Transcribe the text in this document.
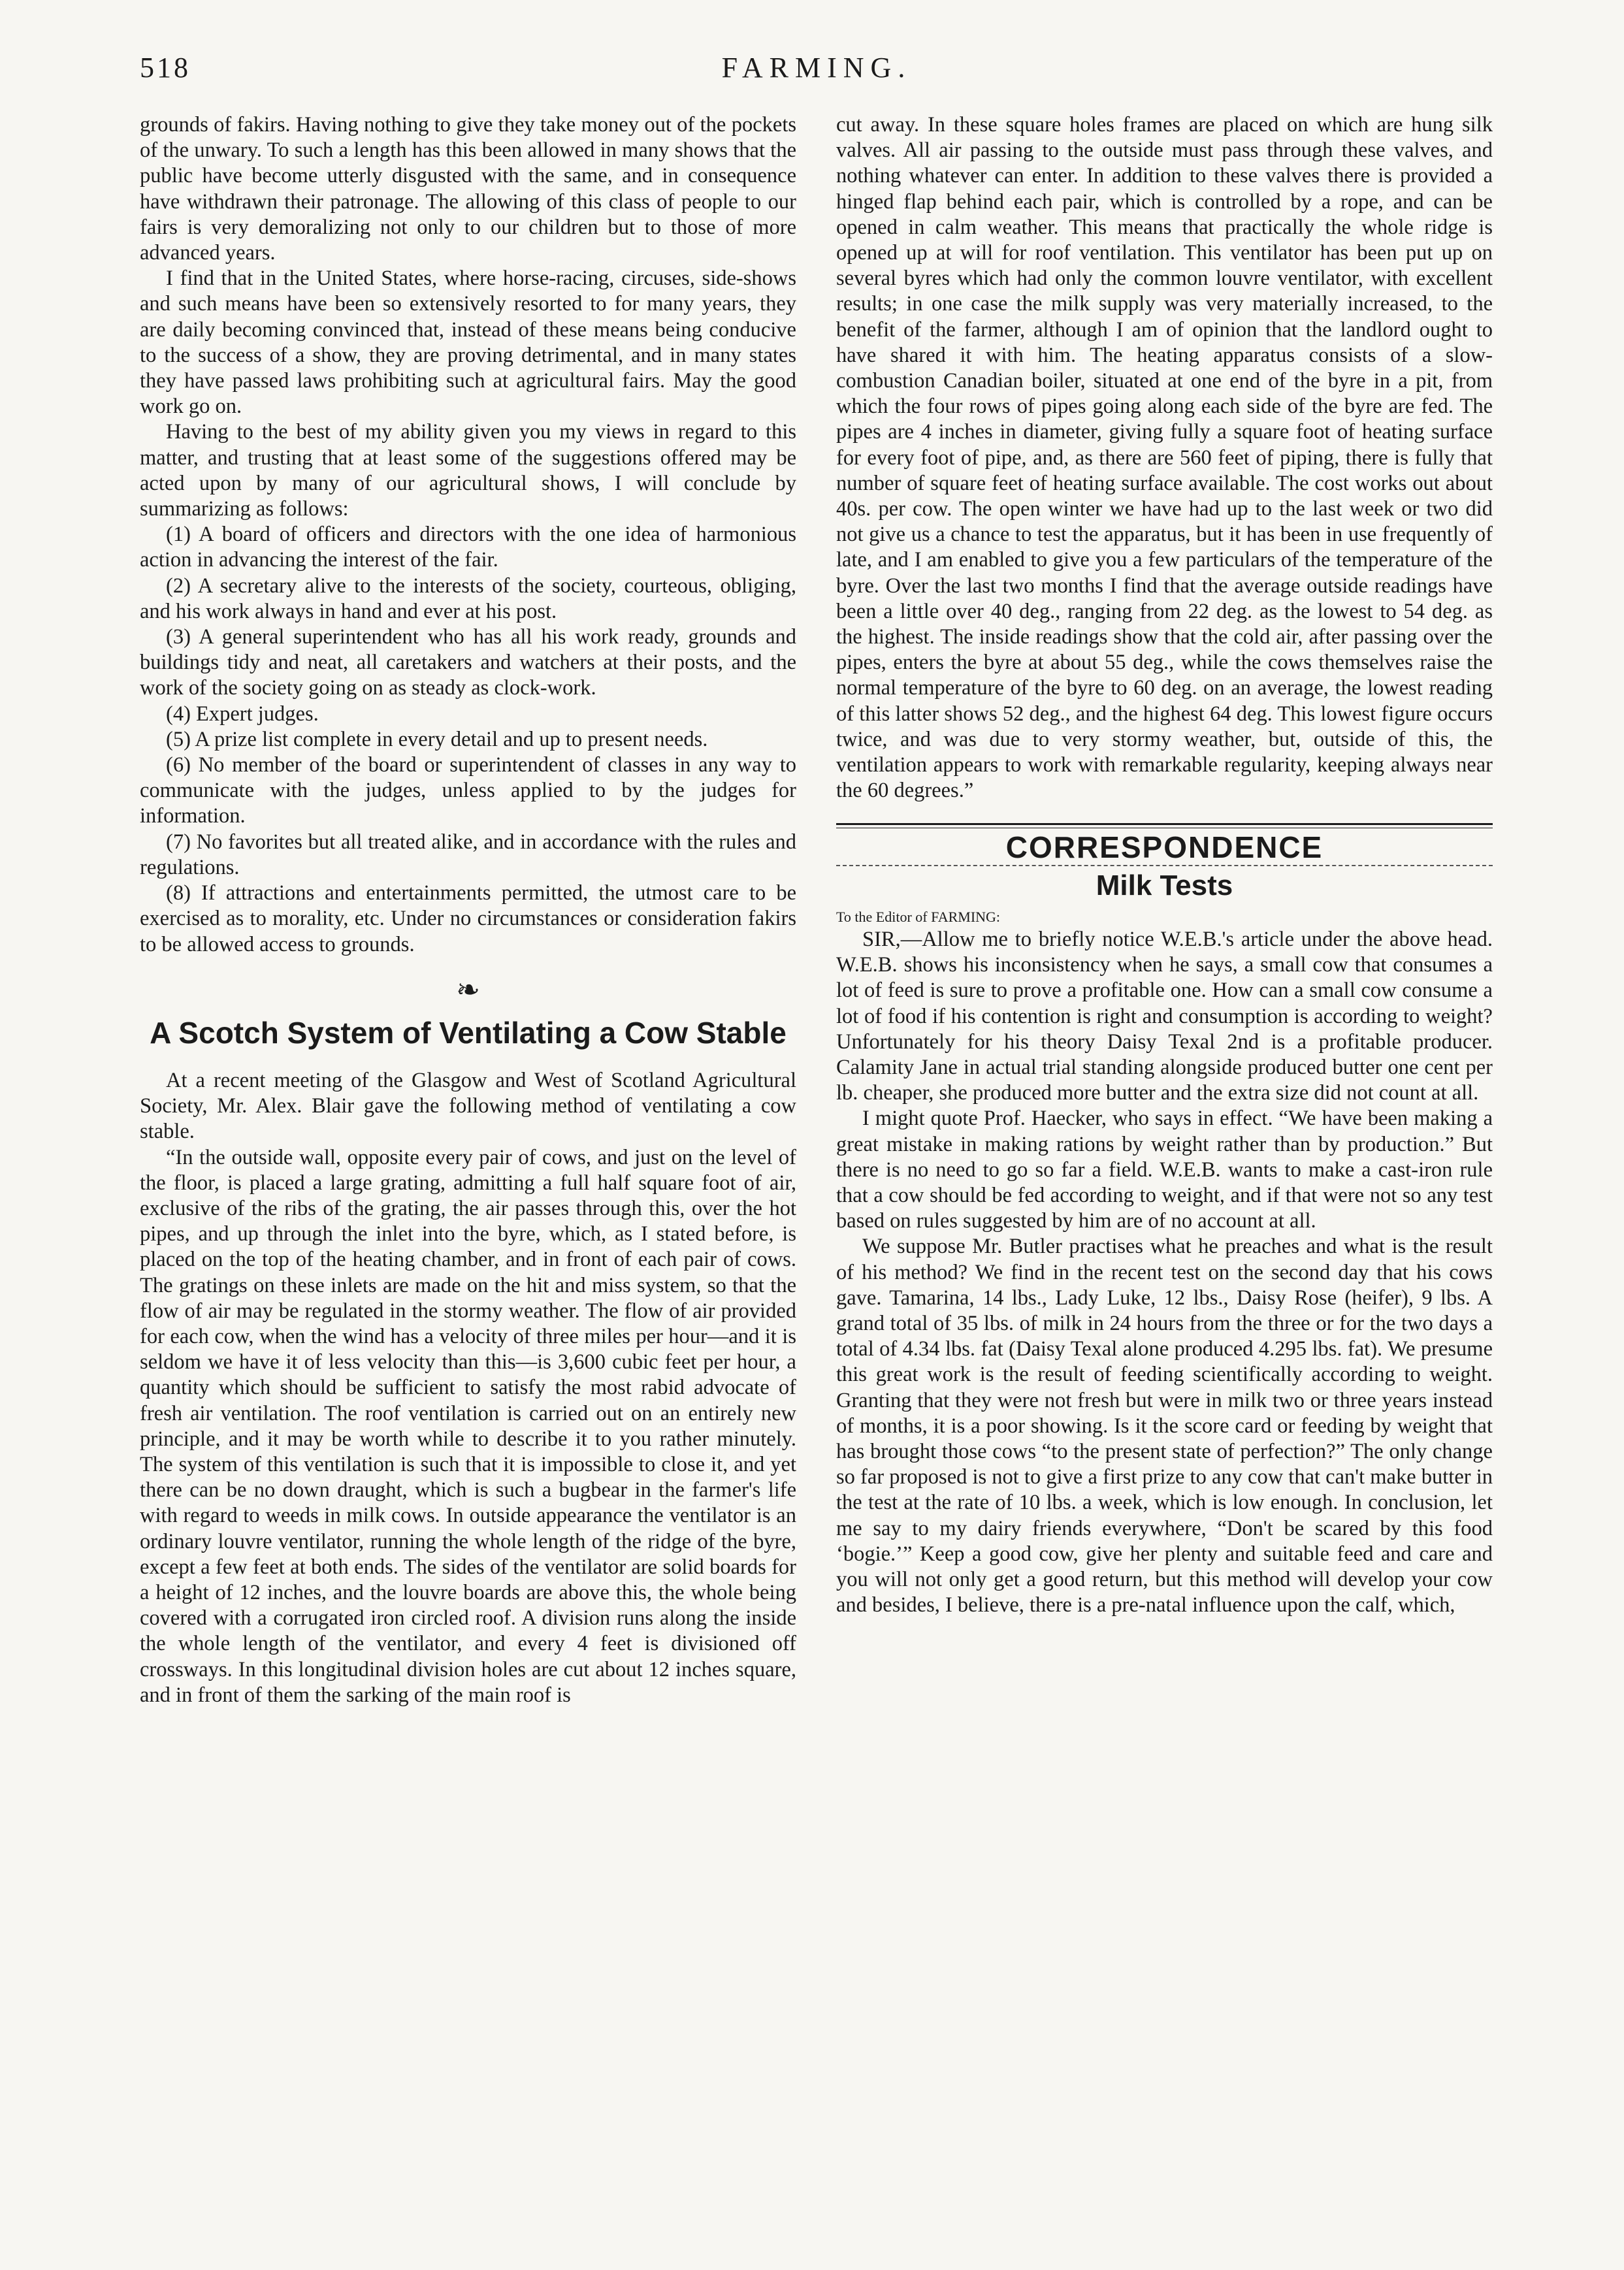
518	FARMING.

grounds of fakirs. Having nothing to give they take money out of the pockets of the unwary. To such a length has this been allowed in many shows that the public have become utterly disgusted with the same, and in consequence have withdrawn their patronage. The allowing of this class of people to our fairs is very demoralizing not only to our children but to those of more advanced years.

I find that in the United States, where horse-racing, circuses, side-shows and such means have been so extensively resorted to for many years, they are daily becoming convinced that, instead of these means being conducive to the success of a show, they are proving detrimental, and in many states they have passed laws prohibiting such at agricultural fairs. May the good work go on.

Having to the best of my ability given you my views in regard to this matter, and trusting that at least some of the suggestions offered may be acted upon by many of our agricultural shows, I will conclude by summarizing as follows:

(1) A board of officers and directors with the one idea of harmonious action in advancing the interest of the fair.

(2) A secretary alive to the interests of the society, courteous, obliging, and his work always in hand and ever at his post.

(3) A general superintendent who has all his work ready, grounds and buildings tidy and neat, all caretakers and watchers at their posts, and the work of the society going on as steady as clock-work.

(4) Expert judges.

(5) A prize list complete in every detail and up to present needs.

(6) No member of the board or superintendent of classes in any way to communicate with the judges, unless applied to by the judges for information.

(7) No favorites but all treated alike, and in accordance with the rules and regulations.

(8) If attractions and entertainments permitted, the utmost care to be exercised as to morality, etc. Under no circumstances or consideration fakirs to be allowed access to grounds.

❧
A Scotch System of Ventilating a Cow Stable

At a recent meeting of the Glasgow and West of Scotland Agricultural Society, Mr. Alex. Blair gave the following method of ventilating a cow stable.

“In the outside wall, opposite every pair of cows, and just on the level of the floor, is placed a large grating, admitting a full half square foot of air, exclusive of the ribs of the grating, the air passes through this, over the hot pipes, and up through the inlet into the byre, which, as I stated before, is placed on the top of the heating chamber, and in front of each pair of cows. The gratings on these inlets are made on the hit and miss system, so that the flow of air may be regulated in the stormy weather. The flow of air provided for each cow, when the wind has a velocity of three miles per hour—and it is seldom we have it of less velocity than this—is 3,600 cubic feet per hour, a quantity which should be sufficient to satisfy the most rabid advocate of fresh air ventilation. The roof ventilation is carried out on an entirely new principle, and it may be worth while to describe it to you rather minutely. The system of this ventilation is such that it is impossible to close it, and yet there can be no down draught, which is such a bugbear in the farmer's life with regard to weeds in milk cows. In outside appearance the ventilator is an ordinary louvre ventilator, running the whole length of the ridge of the byre, except a few feet at both ends. The sides of the ventilator are solid boards for a height of 12 inches, and the louvre boards are above this, the whole being covered with a corrugated iron circled roof. A division runs along the inside the whole length of the ventilator, and every 4 feet is divisioned off crossways. In this longitudinal division holes are cut about 12 inches square, and in front of them the sarking of the main roof is

cut away. In these square holes frames are placed on which are hung silk valves. All air passing to the outside must pass through these valves, and nothing whatever can enter. In addition to these valves there is provided a hinged flap behind each pair, which is controlled by a rope, and can be opened in calm weather. This means that practically the whole ridge is opened up at will for roof ventilation. This ventilator has been put up on several byres which had only the common louvre ventilator, with excellent results; in one case the milk supply was very materially increased, to the benefit of the farmer, although I am of opinion that the landlord ought to have shared it with him. The heating apparatus consists of a slow-combustion Canadian boiler, situated at one end of the byre in a pit, from which the four rows of pipes going along each side of the byre are fed. The pipes are 4 inches in diameter, giving fully a square foot of heating surface for every foot of pipe, and, as there are 560 feet of piping, there is fully that number of square feet of heating surface available. The cost works out about 40s. per cow. The open winter we have had up to the last week or two did not give us a chance to test the apparatus, but it has been in use frequently of late, and I am enabled to give you a few particulars of the temperature of the byre. Over the last two months I find that the average outside readings have been a little over 40 deg., ranging from 22 deg. as the lowest to 54 deg. as the highest. The inside readings show that the cold air, after passing over the pipes, enters the byre at about 55 deg., while the cows themselves raise the normal temperature of the byre to 60 deg. on an average, the lowest reading of this latter shows 52 deg., and the highest 64 deg. This lowest figure occurs twice, and was due to very stormy weather, but, outside of this, the ventilation appears to work with remarkable regularity, keeping always near the 60 degrees.”

CORRESPONDENCE
Milk Tests

To the Editor of FARMING:

SIR,—Allow me to briefly notice W.E.B.'s article under the above head. W.E.B. shows his inconsistency when he says, a small cow that consumes a lot of feed is sure to prove a profitable one. How can a small cow consume a lot of food if his contention is right and consumption is according to weight? Unfortunately for his theory Daisy Texal 2nd is a profitable producer. Calamity Jane in actual trial standing alongside produced butter one cent per lb. cheaper, she produced more butter and the extra size did not count at all.

I might quote Prof. Haecker, who says in effect. “We have been making a great mistake in making rations by weight rather than by production.” But there is no need to go so far a field. W.E.B. wants to make a cast-iron rule that a cow should be fed according to weight, and if that were not so any test based on rules suggested by him are of no account at all.

We suppose Mr. Butler practises what he preaches and what is the result of his method? We find in the recent test on the second day that his cows gave. Tamarina, 14 lbs., Lady Luke, 12 lbs., Daisy Rose (heifer), 9 lbs. A grand total of 35 lbs. of milk in 24 hours from the three or for the two days a total of 4.34 lbs. fat (Daisy Texal alone produced 4.295 lbs. fat). We presume this great work is the result of feeding scientifically according to weight. Granting that they were not fresh but were in milk two or three years instead of months, it is a poor showing. Is it the score card or feeding by weight that has brought those cows “to the present state of perfection?” The only change so far proposed is not to give a first prize to any cow that can't make butter in the test at the rate of 10 lbs. a week, which is low enough. In conclusion, let me say to my dairy friends everywhere, “Don't be scared by this food ‘bogie.’” Keep a good cow, give her plenty and suitable feed and care and you will not only get a good return, but this method will develop your cow and besides, I believe, there is a pre-natal influence upon the calf, which,
